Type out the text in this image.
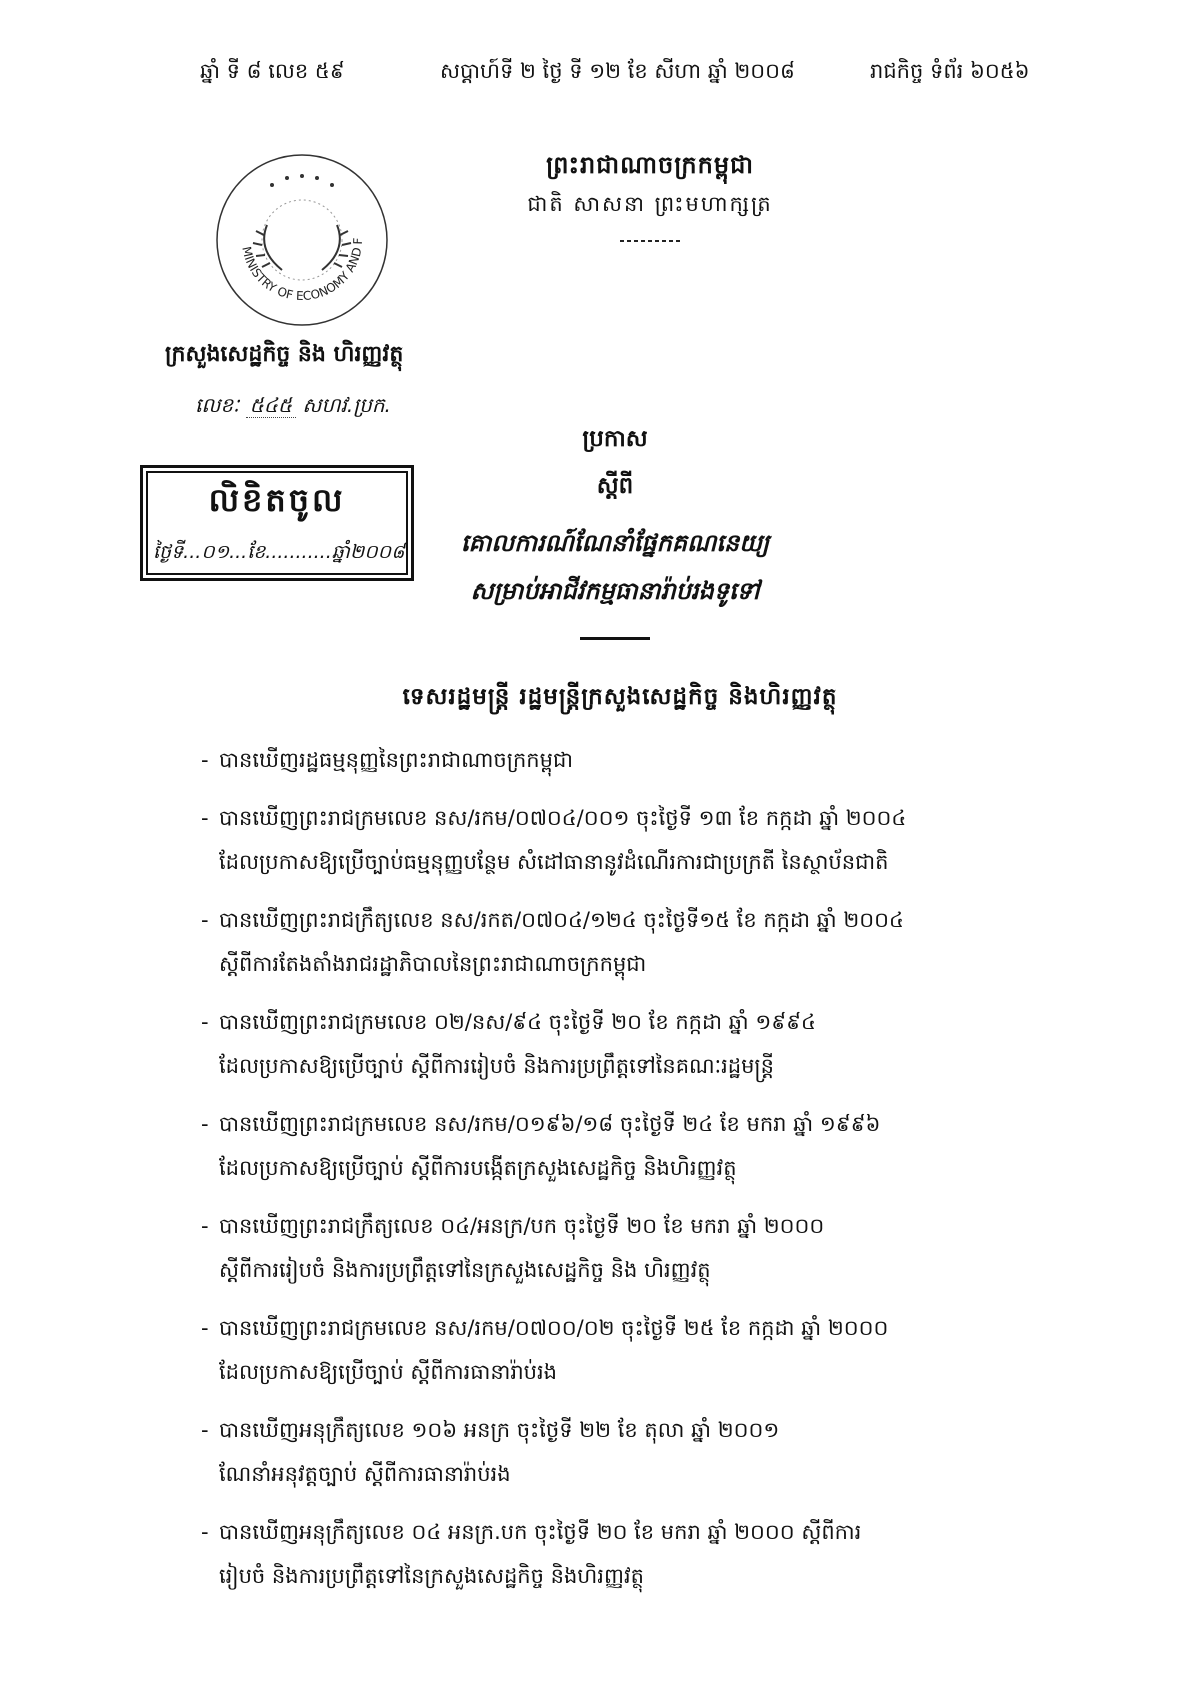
ឆ្នាំ ទី ៨ លេខ ៥៩	សប្ដាហ៍ទី ២ ថ្ងៃ ទី ១២ ខែ សីហា ឆ្នាំ ២០០៨	រាជកិច្ច ទំព័រ ៦០៥៦
ព្រះរាជាណាចក្រកម្ពុជា
ជាតិ សាសនា ព្រះមហាក្សត្រ
MINISTRY OF ECONOMY AND F
ក្រសួងសេដ្ឋកិច្ច និង ហិរញ្ញវត្ថុ
លេខៈ ៥៤៥ សហវ.ប្រក.
លិខិតចូល
ថ្ងៃទី...០១...ខែ...........ឆ្នាំ២០០៨
ប្រកាស
ស្តីពី
គោលការណ៍ណែនាំផ្នែកគណនេយ្យ
សម្រាប់អាជីវកម្មធានារ៉ាប់រងទូទៅ
ទេសរដ្ឋមន្ត្រី រដ្ឋមន្ត្រីក្រសួងសេដ្ឋកិច្ច និងហិរញ្ញវត្ថុ
- បានឃើញរដ្ឋធម្មនុញ្ញនៃព្រះរាជាណាចក្រកម្ពុជា
- បានឃើញព្រះរាជក្រមលេខ នស/រកម/០៧០៤/០០១ ចុះថ្ងៃទី ១៣ ខែ កក្កដា ឆ្នាំ ២០០៤
ដែលប្រកាសឱ្យប្រើច្បាប់ធម្មនុញ្ញបន្ថែម សំដៅធានានូវដំណើរការជាប្រក្រតី នៃស្ថាប័នជាតិ
- បានឃើញព្រះរាជក្រឹត្យលេខ នស/រកត/០៧០៤/១២៤ ចុះថ្ងៃទី១៥ ខែ កក្កដា ឆ្នាំ ២០០៤
ស្តីពីការតែងតាំងរាជរដ្ឋាភិបាលនៃព្រះរាជាណាចក្រកម្ពុជា
- បានឃើញព្រះរាជក្រមលេខ ០២/នស/៩៤ ចុះថ្ងៃទី ២០ ខែ កក្កដា ឆ្នាំ ១៩៩៤
ដែលប្រកាសឱ្យប្រើច្បាប់ ស្តីពីការរៀបចំ និងការប្រព្រឹត្តទៅនៃគណៈរដ្ឋមន្ត្រី
- បានឃើញព្រះរាជក្រមលេខ នស/រកម/០១៩៦/១៨ ចុះថ្ងៃទី ២៤ ខែ មករា ឆ្នាំ ១៩៩៦
ដែលប្រកាសឱ្យប្រើច្បាប់ ស្តីពីការបង្កើតក្រសួងសេដ្ឋកិច្ច និងហិរញ្ញវត្ថុ
- បានឃើញព្រះរាជក្រឹត្យលេខ ០៤/អនក្រ/បក ចុះថ្ងៃទី ២០ ខែ មករា ឆ្នាំ ២០០០
ស្តីពីការរៀបចំ និងការប្រព្រឹត្តទៅនៃក្រសួងសេដ្ឋកិច្ច និង ហិរញ្ញវត្ថុ
- បានឃើញព្រះរាជក្រមលេខ នស/រកម/០៧០០/០២ ចុះថ្ងៃទី ២៥ ខែ កក្កដា ឆ្នាំ ២០០០
ដែលប្រកាសឱ្យប្រើច្បាប់ ស្តីពីការធានារ៉ាប់រង
- បានឃើញអនុក្រឹត្យលេខ ១០៦ អនក្រ ចុះថ្ងៃទី ២២ ខែ តុលា ឆ្នាំ ២០០១
ណែនាំអនុវត្តច្បាប់ ស្តីពីការធានារ៉ាប់រង
- បានឃើញអនុក្រឹត្យលេខ ០៤ អនក្រ.បក ចុះថ្ងៃទី ២០ ខែ មករា ឆ្នាំ ២០០០ ស្តីពីការ
រៀបចំ និងការប្រព្រឹត្តទៅនៃក្រសួងសេដ្ឋកិច្ច និងហិរញ្ញវត្ថុ
